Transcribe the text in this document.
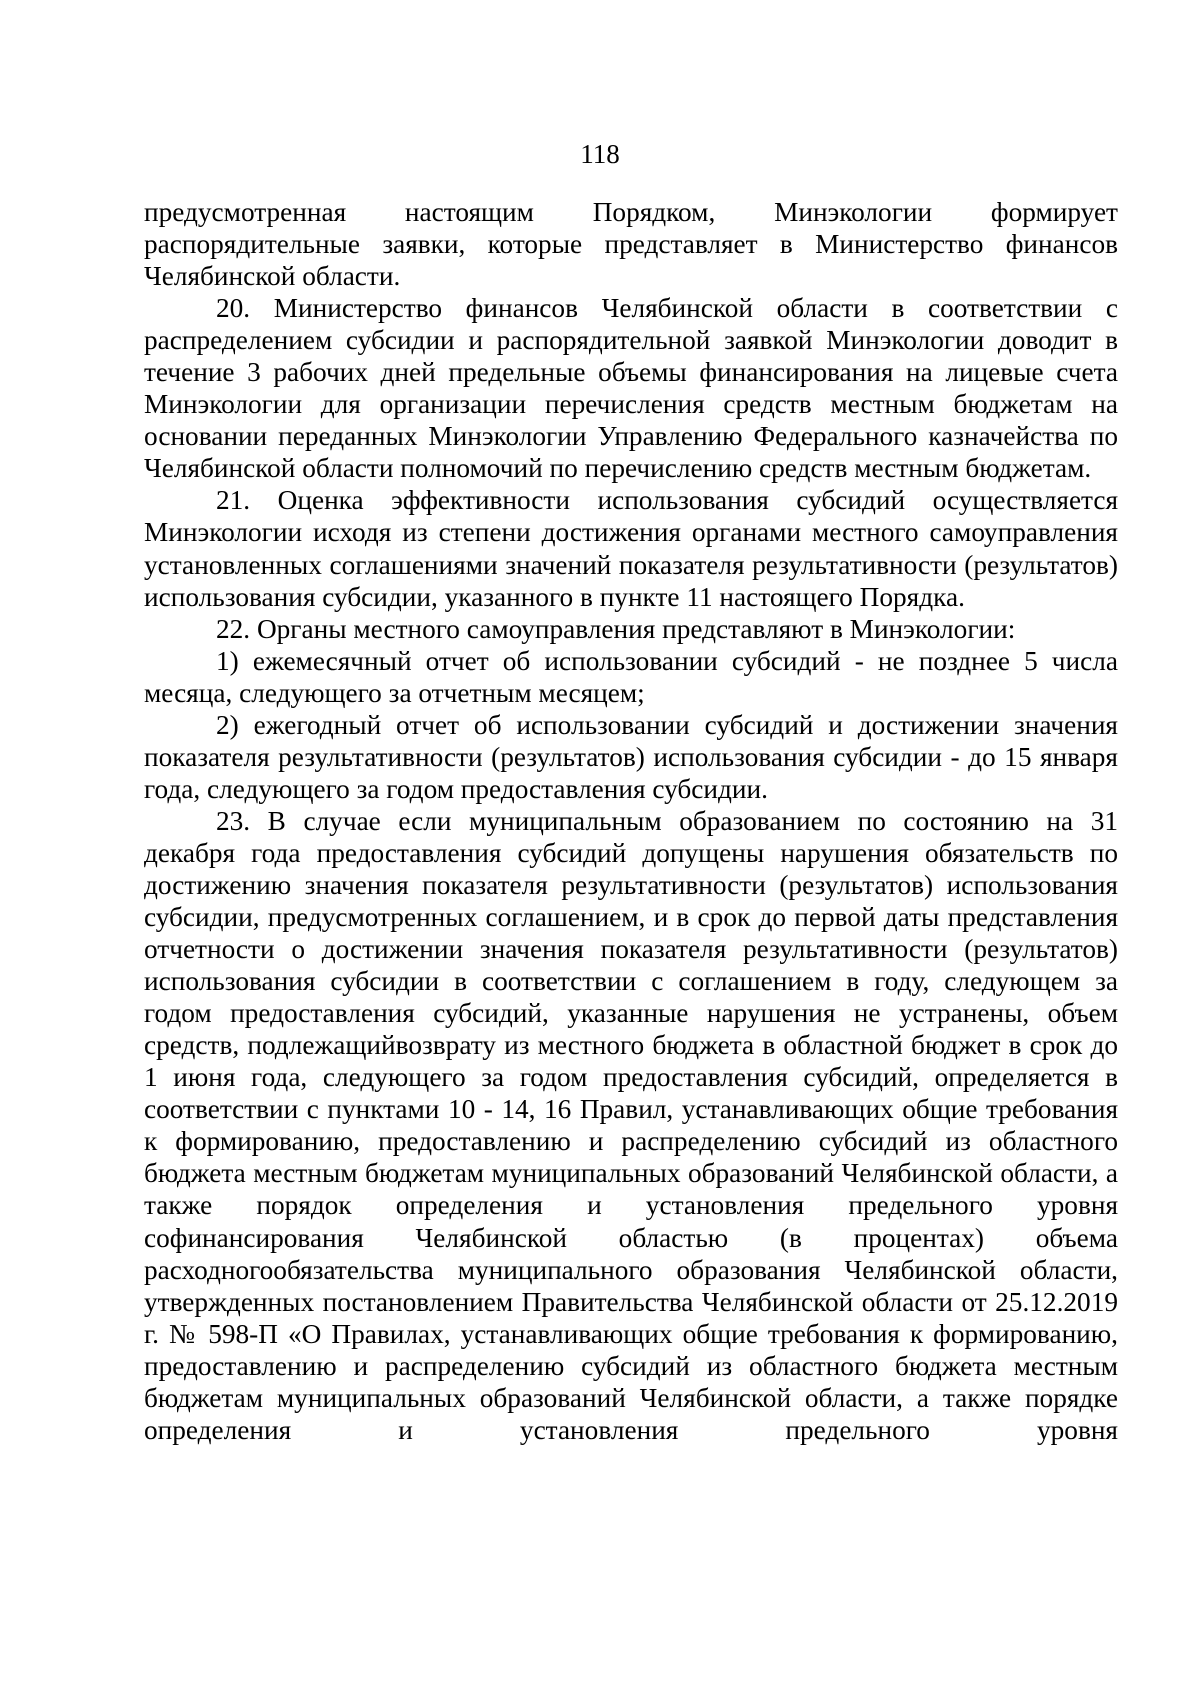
118

предусмотренная настоящим Порядком, Минэкологии формирует распорядительные заявки, которые представляет в Министерство финансов Челябинской области.

20. Министерство финансов Челябинской области в соответствии с распределением субсидии и распорядительной заявкой Минэкологии доводит в течение 3 рабочих дней предельные объемы финансирования на лицевые счета Минэкологии для организации перечисления средств местным бюджетам на основании переданных Минэкологии Управлению Федерального казначейства по Челябинской области полномочий по перечислению средств местным бюджетам.

21. Оценка эффективности использования субсидий осуществляется Минэкологии исходя из степени достижения органами местного самоуправления установленных соглашениями значений показателя результативности (результатов) использования субсидии, указанного в пункте 11 настоящего Порядка.

22. Органы местного самоуправления представляют в Минэкологии:

1) ежемесячный отчет об использовании субсидий - не позднее 5 числа месяца, следующего за отчетным месяцем;

2) ежегодный отчет об использовании субсидий и достижении значения показателя результативности (результатов) использования субсидии - до 15 января года, следующего за годом предоставления субсидии.

23. В случае если муниципальным образованием по состоянию на 31 декабря года предоставления субсидий допущены нарушения обязательств по достижению значения показателя результативности (результатов) использования субсидии, предусмотренных соглашением, и в срок до первой даты представления отчетности о достижении значения показателя результативности (результатов) использования субсидии в соответствии с соглашением в году, следующем за годом предоставления субсидий, указанные нарушения не устранены, объем средств, подлежащийвозврату из местного бюджета в областной бюджет в срок до 1 июня года, следующего за годом предоставления субсидий, определяется в соответствии с пунктами 10 - 14, 16 Правил, устанавливающих общие требования к формированию, предоставлению и распределению субсидий из областного бюджета местным бюджетам муниципальных образований Челябинской области, а также порядок определения и установления предельного уровня софинансирования Челябинской областью (в процентах) объема расходногообязательства муниципального образования Челябинской области, утвержденных постановлением Правительства Челябинской области от 25.12.2019 г. № 598-П «О Правилах, устанавливающих общие требования к формированию, предоставлению и распределению субсидий из областного бюджета местным бюджетам муниципальных образований Челябинской области, а также порядке определения и установления предельного уровня
